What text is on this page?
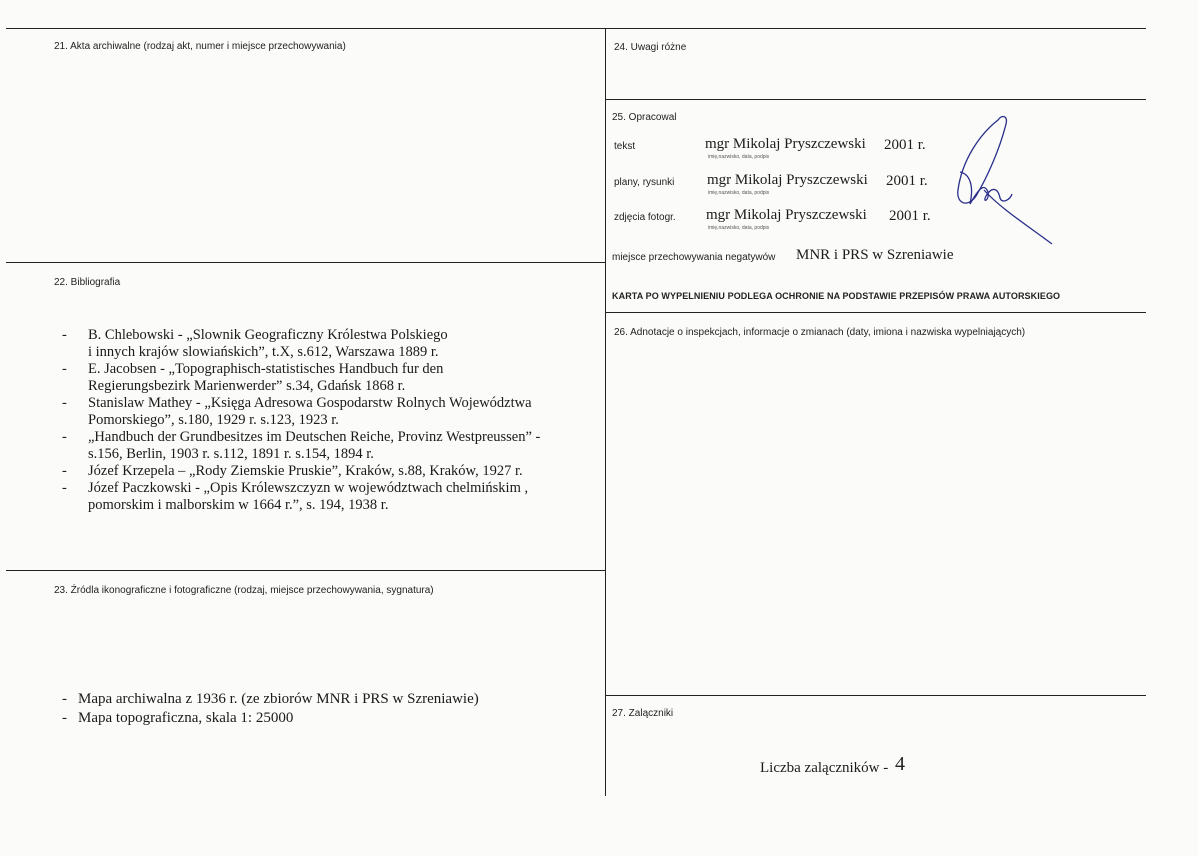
21. Akta archiwalne (rodzaj akt, numer i miejsce przechowywania)
22. Bibliografia
- B. Chlebowski - „Slownik Geograficzny Królestwa Polskiego
i innych krajów slowiańskich”, t.X, s.612, Warszawa 1889 r.
- E. Jacobsen - „Topographisch-statistisches Handbuch fur den
Regierungsbezirk Marienwerder” s.34, Gdańsk 1868 r.
- Stanislaw Mathey - „Księga Adresowa Gospodarstw Rolnych Województwa
Pomorskiego”, s.180, 1929 r. s.123, 1923 r.
- „Handbuch der Grundbesitzes im Deutschen Reiche, Provinz Westpreussen” -
s.156, Berlin, 1903 r. s.112, 1891 r. s.154, 1894 r.
- Józef Krzepela – „Rody Ziemskie Pruskie”, Kraków, s.88, Kraków, 1927 r.
- Józef Paczkowski - „Opis Królewszczyzn w województwach chelmińskim ,
pomorskim i malborskim w 1664 r.”, s. 194, 1938 r.
23. Źródla ikonograficzne i fotograficzne (rodzaj, miejsce przechowywania, sygnatura)
- Mapa archiwalna z 1936 r. (ze zbiorów MNR i PRS w Szreniawie)
- Mapa topograficzna, skala 1: 25000
24. Uwagi różne
25. Opracowal
tekst	mgr Mikolaj Pryszczewski 2001 r.
imię,nazwisko, data, podpis
plany, rysunki mgr Mikolaj Pryszczewski 2001 r.
imię,nazwisko, data, podpis
zdjęcia fotogr. mgr Mikolaj Pryszczewski 2001 r.
imię,nazwisko, data, podpis
miejsce przechowywania negatywów MNR i PRS w Szreniawie
KARTA PO WYPELNIENIU PODLEGA OCHRONIE NA PODSTAWIE PRZEPISÓW PRAWA AUTORSKIEGO
26. Adnotacje o inspekcjach, informacje o zmianach (daty, imiona i nazwiska wypelniających)
27. Zalączniki
Liczba zalączników - 4
